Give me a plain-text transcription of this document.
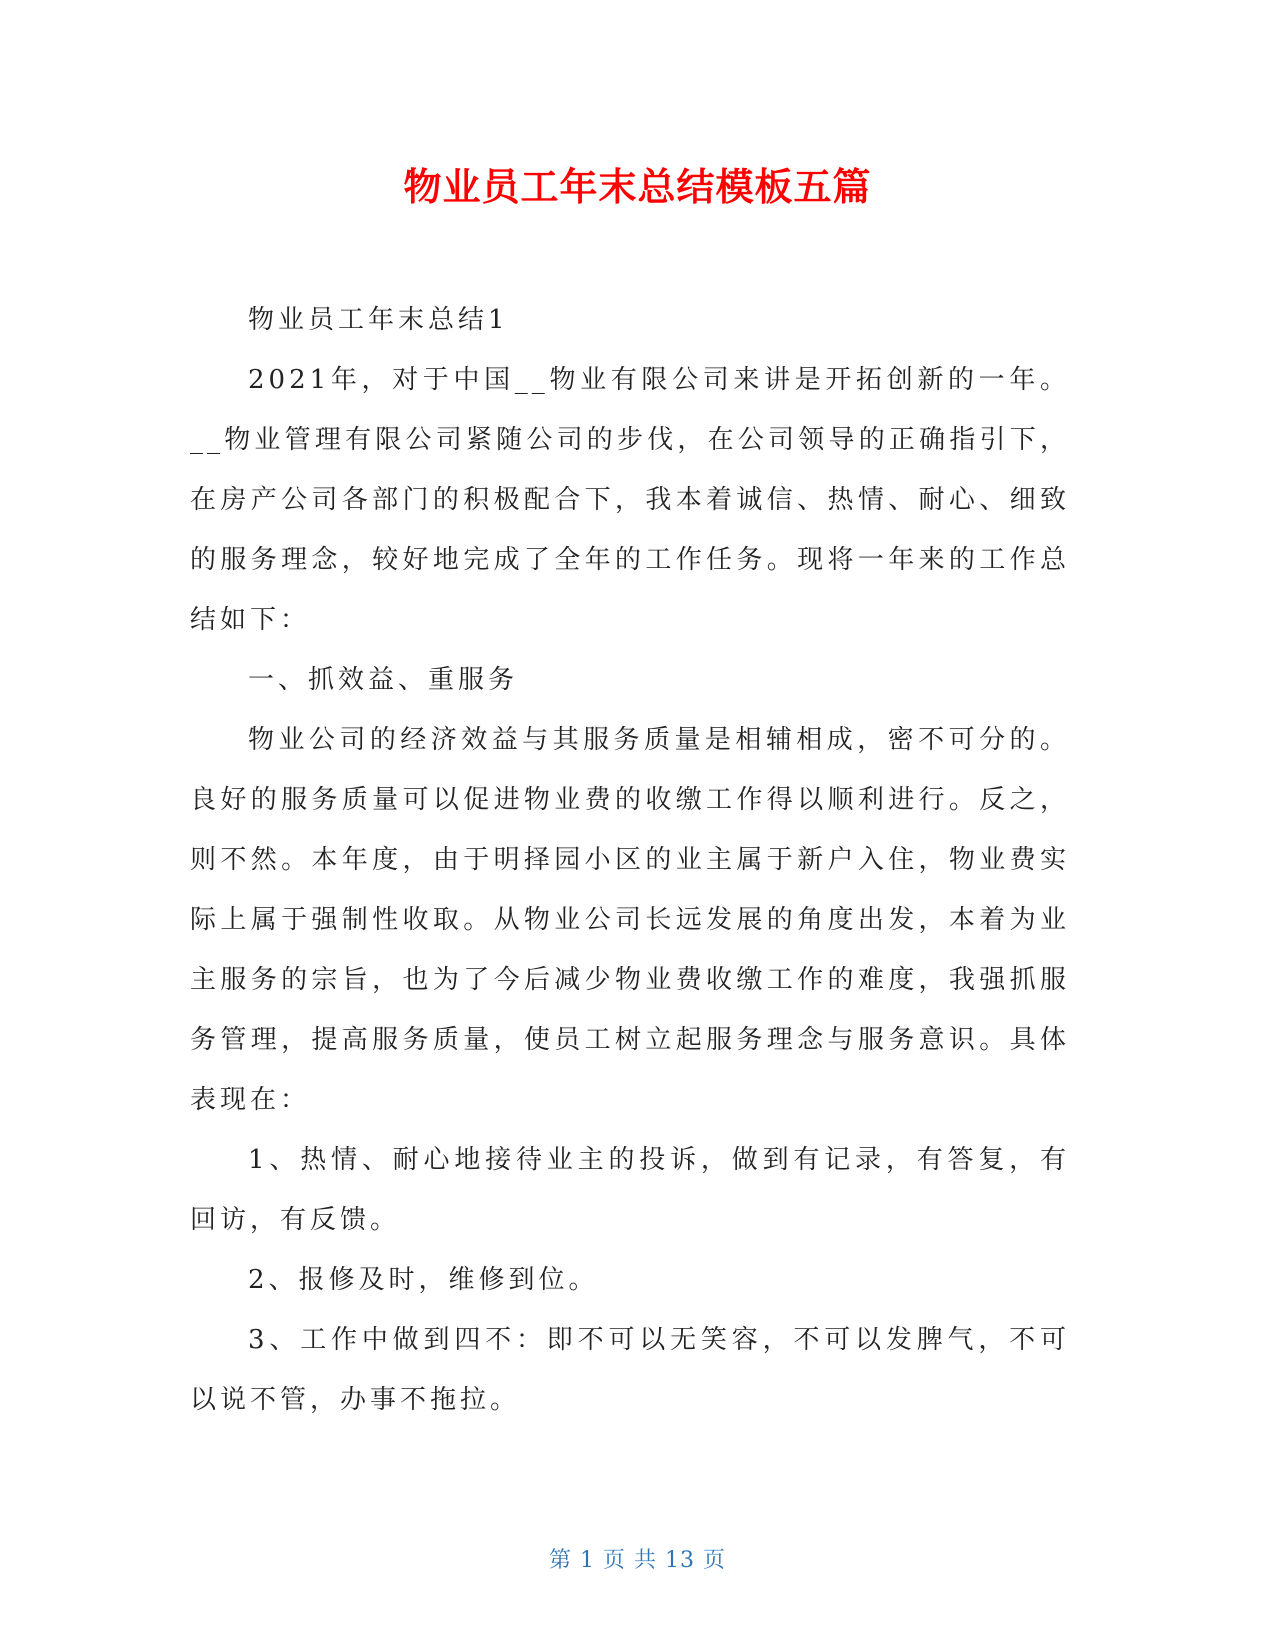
物业员工年末总结模板五篇

物业员工年末总结1

2021年，对于中国__物业有限公司来讲是开拓创新的一年。__物业管理有限公司紧随公司的步伐，在公司领导的正确指引下，在房产公司各部门的积极配合下，我本着诚信、热情、耐心、细致的服务理念，较好地完成了全年的工作任务。现将一年来的工作总结如下：

一、抓效益、重服务

物业公司的经济效益与其服务质量是相辅相成，密不可分的。良好的服务质量可以促进物业费的收缴工作得以顺利进行。反之，则不然。本年度，由于明择园小区的业主属于新户入住，物业费实际上属于强制性收取。从物业公司长远发展的角度出发，本着为业主服务的宗旨，也为了今后减少物业费收缴工作的难度，我强抓服务管理，提高服务质量，使员工树立起服务理念与服务意识。具体表现在：

1、热情、耐心地接待业主的投诉，做到有记录，有答复，有回访，有反馈。

2、报修及时，维修到位。

3、工作中做到四不：即不可以无笑容，不可以发脾气，不可以说不管，办事不拖拉。

第 1 页 共 13 页
